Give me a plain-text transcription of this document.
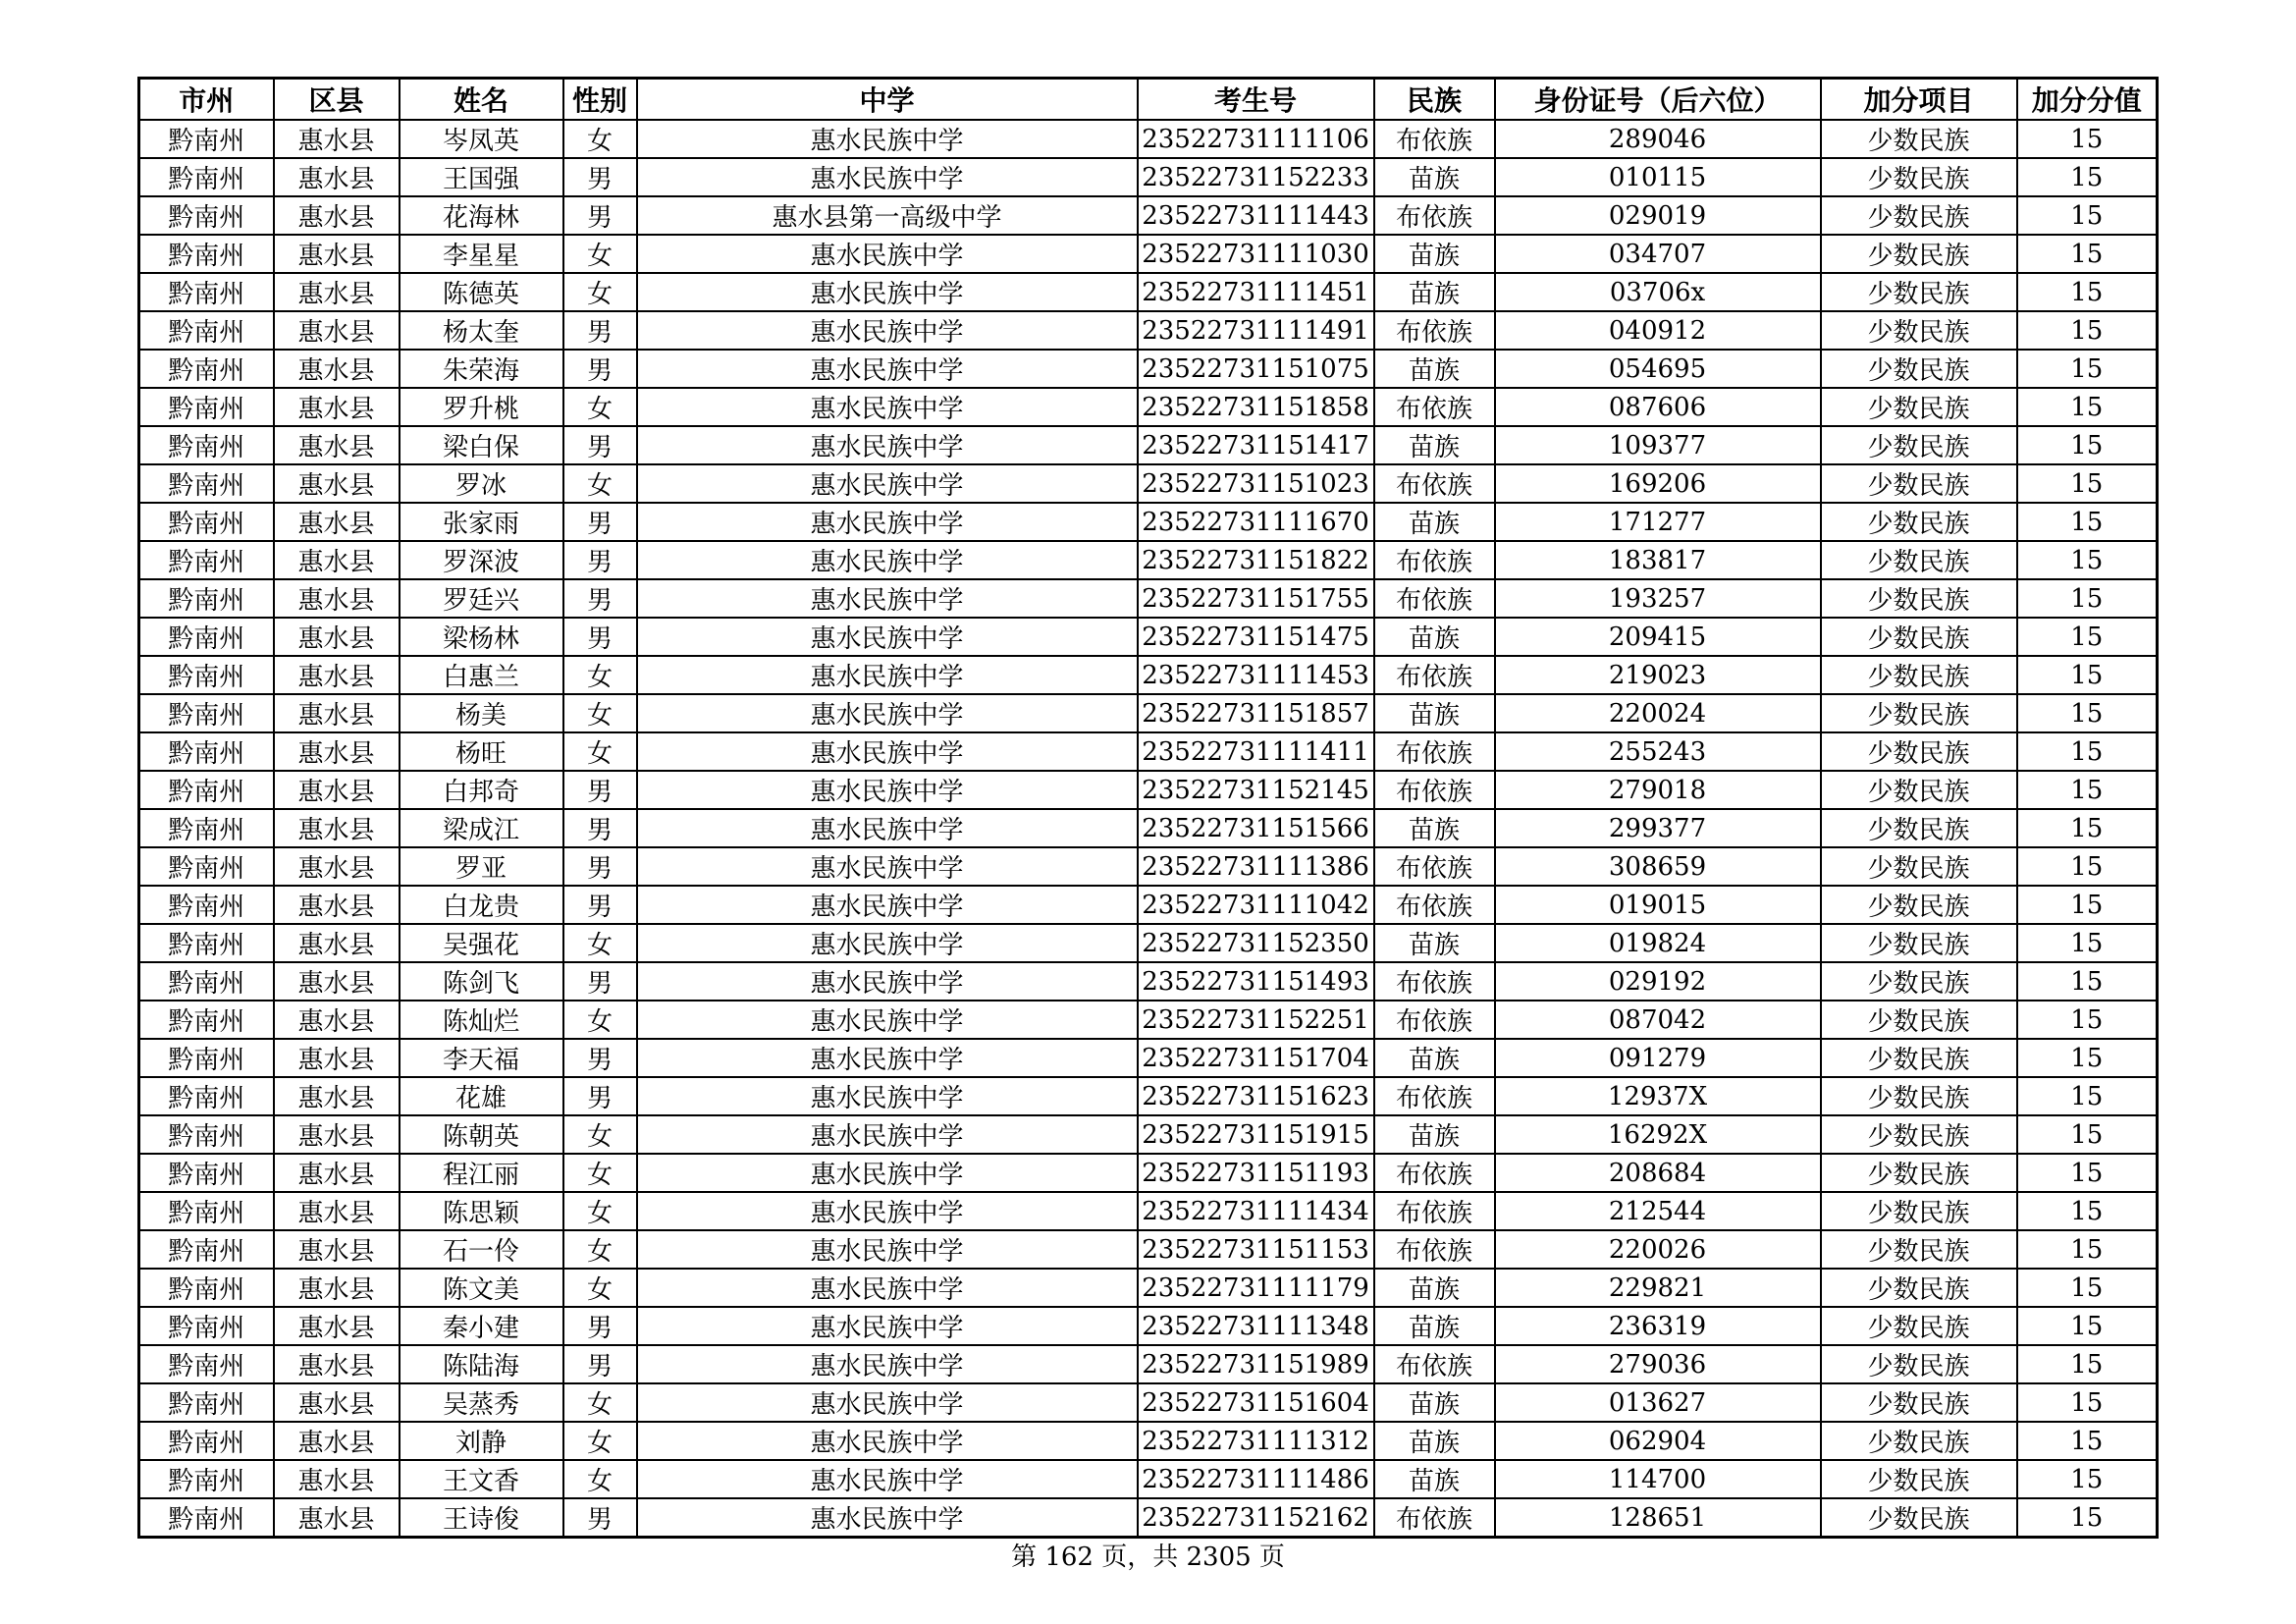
市州	区县	姓名	性别	中学	考生号	民族	身份证号（后六位）	加分项目	加分分值
黔南州	惠水县	岑凤英	女	惠水民族中学	23522731111106	布依族	289046	少数民族	15
黔南州	惠水县	王国强	男	惠水民族中学	23522731152233	苗族	010115	少数民族	15
黔南州	惠水县	花海林	男	惠水县第一高级中学	23522731111443	布依族	029019	少数民族	15
黔南州	惠水县	李星星	女	惠水民族中学	23522731111030	苗族	034707	少数民族	15
黔南州	惠水县	陈德英	女	惠水民族中学	23522731111451	苗族	03706x	少数民族	15
黔南州	惠水县	杨太奎	男	惠水民族中学	23522731111491	布依族	040912	少数民族	15
黔南州	惠水县	朱荣海	男	惠水民族中学	23522731151075	苗族	054695	少数民族	15
黔南州	惠水县	罗升桃	女	惠水民族中学	23522731151858	布依族	087606	少数民族	15
黔南州	惠水县	梁白保	男	惠水民族中学	23522731151417	苗族	109377	少数民族	15
黔南州	惠水县	罗冰	女	惠水民族中学	23522731151023	布依族	169206	少数民族	15
黔南州	惠水县	张家雨	男	惠水民族中学	23522731111670	苗族	171277	少数民族	15
黔南州	惠水县	罗深波	男	惠水民族中学	23522731151822	布依族	183817	少数民族	15
黔南州	惠水县	罗廷兴	男	惠水民族中学	23522731151755	布依族	193257	少数民族	15
黔南州	惠水县	梁杨林	男	惠水民族中学	23522731151475	苗族	209415	少数民族	15
黔南州	惠水县	白惠兰	女	惠水民族中学	23522731111453	布依族	219023	少数民族	15
黔南州	惠水县	杨美	女	惠水民族中学	23522731151857	苗族	220024	少数民族	15
黔南州	惠水县	杨旺	女	惠水民族中学	23522731111411	布依族	255243	少数民族	15
黔南州	惠水县	白邦奇	男	惠水民族中学	23522731152145	布依族	279018	少数民族	15
黔南州	惠水县	梁成江	男	惠水民族中学	23522731151566	苗族	299377	少数民族	15
黔南州	惠水县	罗亚	男	惠水民族中学	23522731111386	布依族	308659	少数民族	15
黔南州	惠水县	白龙贵	男	惠水民族中学	23522731111042	布依族	019015	少数民族	15
黔南州	惠水县	吴强花	女	惠水民族中学	23522731152350	苗族	019824	少数民族	15
黔南州	惠水县	陈剑飞	男	惠水民族中学	23522731151493	布依族	029192	少数民族	15
黔南州	惠水县	陈灿烂	女	惠水民族中学	23522731152251	布依族	087042	少数民族	15
黔南州	惠水县	李天福	男	惠水民族中学	23522731151704	苗族	091279	少数民族	15
黔南州	惠水县	花雄	男	惠水民族中学	23522731151623	布依族	12937X	少数民族	15
黔南州	惠水县	陈朝英	女	惠水民族中学	23522731151915	苗族	16292X	少数民族	15
黔南州	惠水县	程江丽	女	惠水民族中学	23522731151193	布依族	208684	少数民族	15
黔南州	惠水县	陈思颖	女	惠水民族中学	23522731111434	布依族	212544	少数民族	15
黔南州	惠水县	石一伶	女	惠水民族中学	23522731151153	布依族	220026	少数民族	15
黔南州	惠水县	陈文美	女	惠水民族中学	23522731111179	苗族	229821	少数民族	15
黔南州	惠水县	秦小建	男	惠水民族中学	23522731111348	苗族	236319	少数民族	15
黔南州	惠水县	陈陆海	男	惠水民族中学	23522731151989	布依族	279036	少数民族	15
黔南州	惠水县	吴蒸秀	女	惠水民族中学	23522731151604	苗族	013627	少数民族	15
黔南州	惠水县	刘静	女	惠水民族中学	23522731111312	苗族	062904	少数民族	15
黔南州	惠水县	王文香	女	惠水民族中学	23522731111486	苗族	114700	少数民族	15
黔南州	惠水县	王诗俊	男	惠水民族中学	23522731152162	布依族	128651	少数民族	15
第 162 页，共 2305 页
